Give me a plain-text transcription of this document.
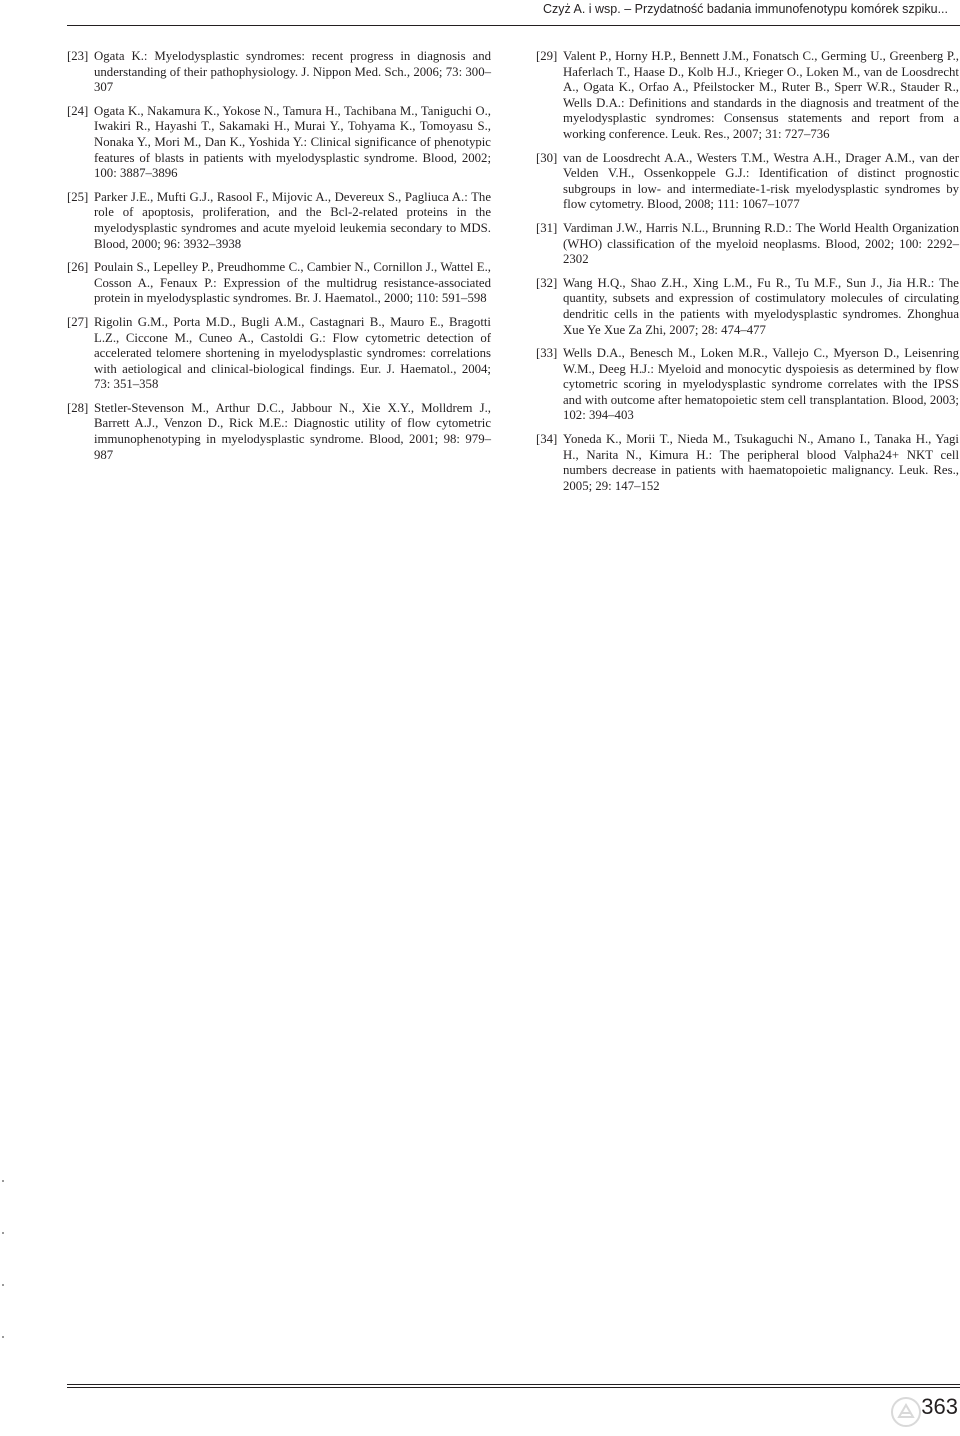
Czyż A. i wsp. – Przydatność badania immunofenotypu komórek szpiku...
[23] Ogata K.: Myelodysplastic syndromes: recent progress in diagnosis and understanding of their pathophysiology. J. Nippon Med. Sch., 2006; 73: 300–307
[24] Ogata K., Nakamura K., Yokose N., Tamura H., Tachibana M., Taniguchi O., Iwakiri R., Hayashi T., Sakamaki H., Murai Y., Tohyama K., Tomoyasu S., Nonaka Y., Mori M., Dan K., Yoshida Y.: Clinical significance of phenotypic features of blasts in patients with myelodysplastic syndrome. Blood, 2002; 100: 3887–3896
[25] Parker J.E., Mufti G.J., Rasool F., Mijovic A., Devereux S., Pagliuca A.: The role of apoptosis, proliferation, and the Bcl-2-related proteins in the myelodysplastic syndromes and acute myeloid leukemia secondary to MDS. Blood, 2000; 96: 3932–3938
[26] Poulain S., Lepelley P., Preudhomme C., Cambier N., Cornillon J., Wattel E., Cosson A., Fenaux P.: Expression of the multidrug resistance-associated protein in myelodysplastic syndromes. Br. J. Haematol., 2000; 110: 591–598
[27] Rigolin G.M., Porta M.D., Bugli A.M., Castagnari B., Mauro E., Bragotti L.Z., Ciccone M., Cuneo A., Castoldi G.: Flow cytometric detection of accelerated telomere shortening in myelodysplastic syndromes: correlations with aetiological and clinical-biological findings. Eur. J. Haematol., 2004; 73: 351–358
[28] Stetler-Stevenson M., Arthur D.C., Jabbour N., Xie X.Y., Molldrem J., Barrett A.J., Venzon D., Rick M.E.: Diagnostic utility of flow cytometric immunophenotyping in myelodysplastic syndrome. Blood, 2001; 98: 979–987
[29] Valent P., Horny H.P., Bennett J.M., Fonatsch C., Germing U., Greenberg P., Haferlach T., Haase D., Kolb H.J., Krieger O., Loken M., van de Loosdrecht A., Ogata K., Orfao A., Pfeilstocker M., Ruter B., Sperr W.R., Stauder R., Wells D.A.: Definitions and standards in the diagnosis and treatment of the myelodysplastic syndromes: Consensus statements and report from a working conference. Leuk. Res., 2007; 31: 727–736
[30] van de Loosdrecht A.A., Westers T.M., Westra A.H., Drager A.M., van der Velden V.H., Ossenkoppele G.J.: Identification of distinct prognostic subgroups in low- and intermediate-1-risk myelodysplastic syndromes by flow cytometry. Blood, 2008; 111: 1067–1077
[31] Vardiman J.W., Harris N.L., Brunning R.D.: The World Health Organization (WHO) classification of the myeloid neoplasms. Blood, 2002; 100: 2292–2302
[32] Wang H.Q., Shao Z.H., Xing L.M., Fu R., Tu M.F., Sun J., Jia H.R.: The quantity, subsets and expression of costimulatory molecules of circulating dendritic cells in the patients with myelodysplastic syndromes. Zhonghua Xue Ye Xue Za Zhi, 2007; 28: 474–477
[33] Wells D.A., Benesch M., Loken M.R., Vallejo C., Myerson D., Leisenring W.M., Deeg H.J.: Myeloid and monocytic dyspoiesis as determined by flow cytometric scoring in myelodysplastic syndrome correlates with the IPSS and with outcome after hematopoietic stem cell transplantation. Blood, 2003; 102: 394–403
[34] Yoneda K., Morii T., Nieda M., Tsukaguchi N., Amano I., Tanaka H., Yagi H., Narita N., Kimura H.: The peripheral blood Valpha24+ NKT cell numbers decrease in patients with haematopoietic malignancy. Leuk. Res., 2005; 29: 147–152
363
